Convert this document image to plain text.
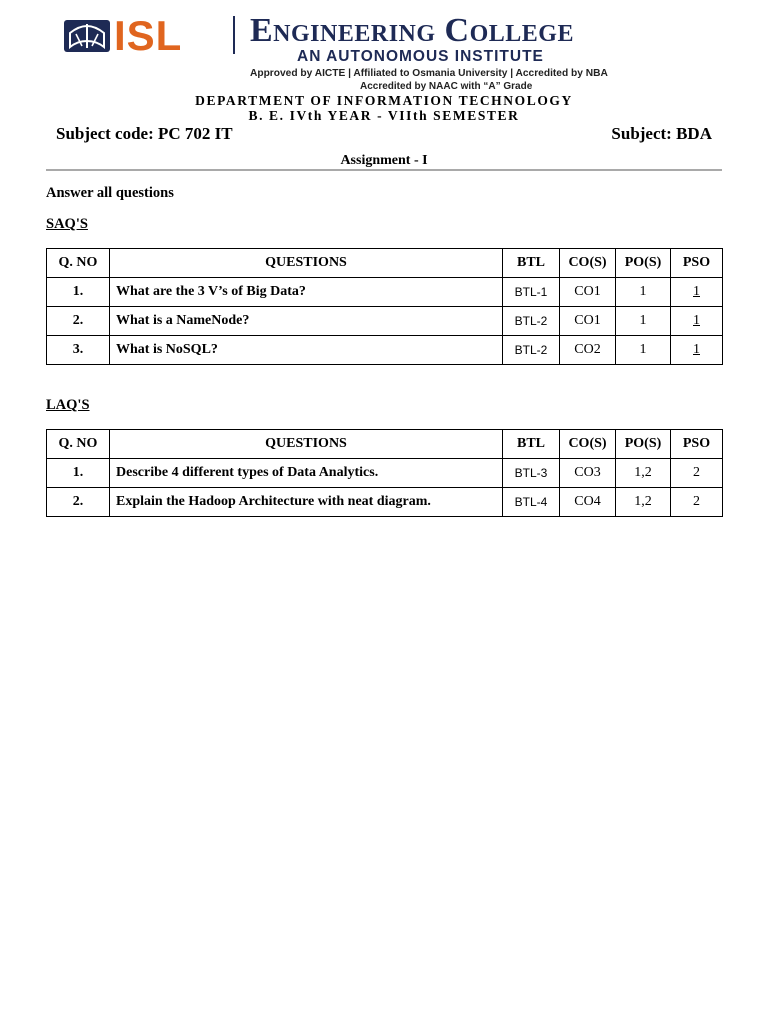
ISL Engineering College
AN AUTONOMOUS INSTITUTE
Approved by AICTE | Affiliated to Osmania University | Accredited by NBA
Accredited by NAAC with “A” Grade
DEPARTMENT OF INFORMATION TECHNOLOGY
B. E. IVth YEAR - VIIth SEMESTER
Subject code: PC 702 IT	Subject: BDA
Assignment - I
Answer all questions
SAQ'S
Q. NO	QUESTIONS	BTL	CO(S)	PO(S)	PSO
1.	What are the 3 V’s of Big Data?	BTL-1	CO1	1	1
2.	What is a NameNode?	BTL-2	CO1	1	1
3.	What is NoSQL?	BTL-2	CO2	1	1
LAQ'S
Q. NO	QUESTIONS	BTL	CO(S)	PO(S)	PSO
1.	Describe 4 different types of Data Analytics.	BTL-3	CO3	1,2	2
2.	Explain the Hadoop Architecture with neat diagram.	BTL-4	CO4	1,2	2
